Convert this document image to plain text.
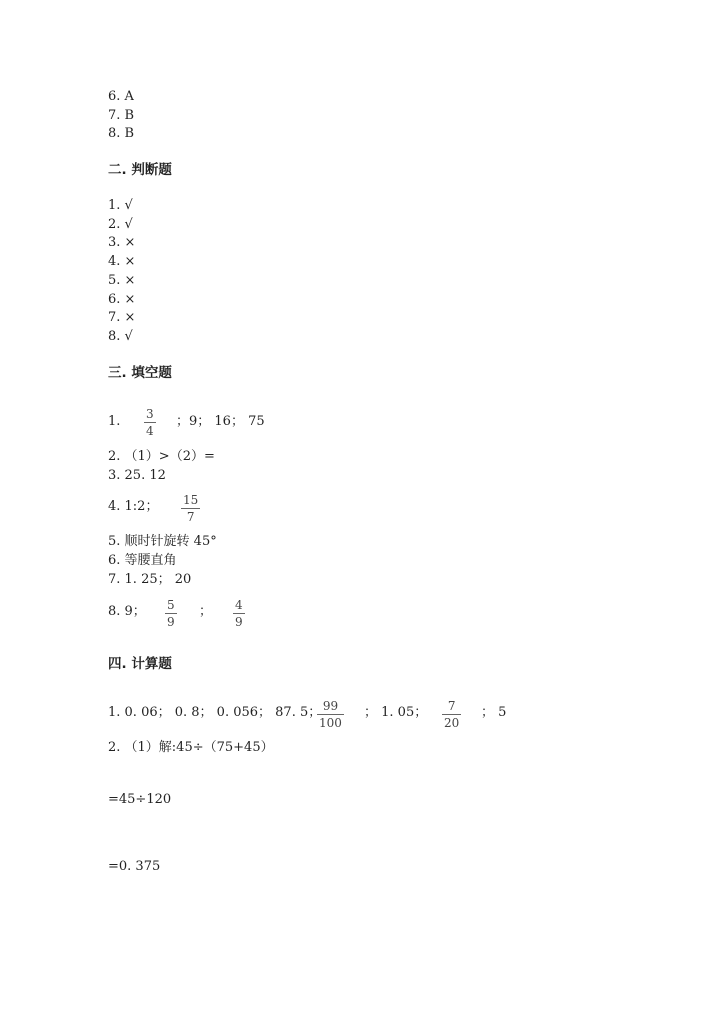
6. A
7. B
8. B
二. 判断题
1. √
2. √
3. ×
4. ×
5. ×
6. ×
7. ×
8. √
三. 填空题
1. 3
4
；9； 16； 75
2. （1）>（2）=
3. 25. 12
4. 1:2； 15
7
5. 顺时针旋转 45°
6. 等腰直角
7. 1. 25； 20
8. 9； 5
9
； 4
9
四. 计算题
1. 0. 06； 0. 8； 0. 056； 87. 5； 99
100
； 1. 05； 7
20
； 5
2. （1）解:45÷（75+45）
=45÷120
=0. 375
